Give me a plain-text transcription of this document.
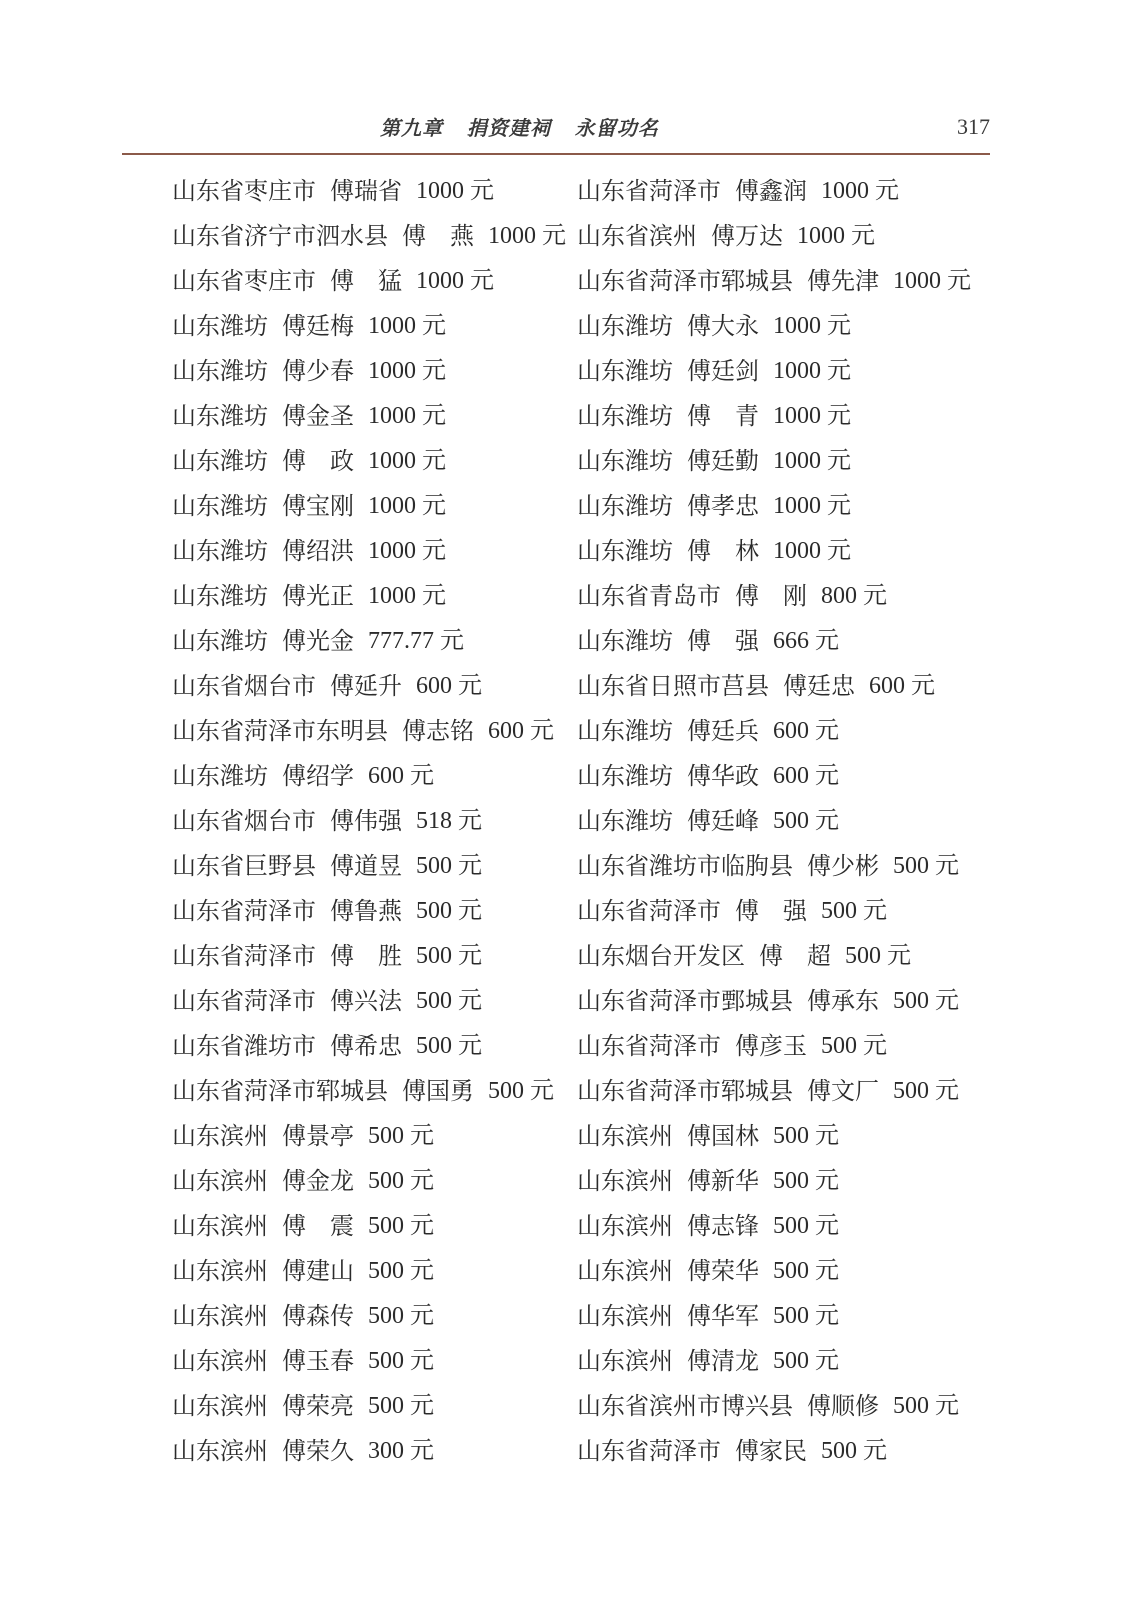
第九章   捐资建祠   永留功名	317
山东省枣庄市 傅瑞省 1000 元
山东省济宁市泗水县 傅　燕 1000 元
山东省枣庄市 傅　猛 1000 元
山东潍坊 傅廷梅 1000 元
山东潍坊 傅少春 1000 元
山东潍坊 傅金圣 1000 元
山东潍坊 傅　政 1000 元
山东潍坊 傅宝刚 1000 元
山东潍坊 傅绍洪 1000 元
山东潍坊 傅光正 1000 元
山东潍坊 傅光金 777.77 元
山东省烟台市 傅延升 600 元
山东省菏泽市东明县 傅志铭 600 元
山东潍坊 傅绍学 600 元
山东省烟台市 傅伟强 518 元
山东省巨野县 傅道昱 500 元
山东省菏泽市 傅鲁燕 500 元
山东省菏泽市 傅　胜 500 元
山东省菏泽市 傅兴法 500 元
山东省潍坊市 傅希忠 500 元
山东省菏泽市郓城县 傅国勇 500 元
山东滨州 傅景亭 500 元
山东滨州 傅金龙 500 元
山东滨州 傅　震 500 元
山东滨州 傅建山 500 元
山东滨州 傅森传 500 元
山东滨州 傅玉春 500 元
山东滨州 傅荣亮 500 元
山东滨州 傅荣久 300 元
山东省菏泽市 傅鑫润 1000 元
山东省滨州 傅万达 1000 元
山东省菏泽市郓城县 傅先津 1000 元
山东潍坊 傅大永 1000 元
山东潍坊 傅廷剑 1000 元
山东潍坊 傅　青 1000 元
山东潍坊 傅廷勤 1000 元
山东潍坊 傅孝忠 1000 元
山东潍坊 傅　林 1000 元
山东省青岛市 傅　刚 800 元
山东潍坊 傅　强 666 元
山东省日照市莒县 傅廷忠 600 元
山东潍坊 傅廷兵 600 元
山东潍坊 傅华政 600 元
山东潍坊 傅廷峰 500 元
山东省潍坊市临朐县 傅少彬 500 元
山东省菏泽市 傅　强 500 元
山东烟台开发区 傅　超 500 元
山东省菏泽市鄄城县 傅承东 500 元
山东省菏泽市 傅彦玉 500 元
山东省菏泽市郓城县 傅文厂 500 元
山东滨州 傅国林 500 元
山东滨州 傅新华 500 元
山东滨州 傅志锋 500 元
山东滨州 傅荣华 500 元
山东滨州 傅华军 500 元
山东滨州 傅清龙 500 元
山东省滨州市博兴县 傅顺修 500 元
山东省菏泽市 傅家民 500 元
